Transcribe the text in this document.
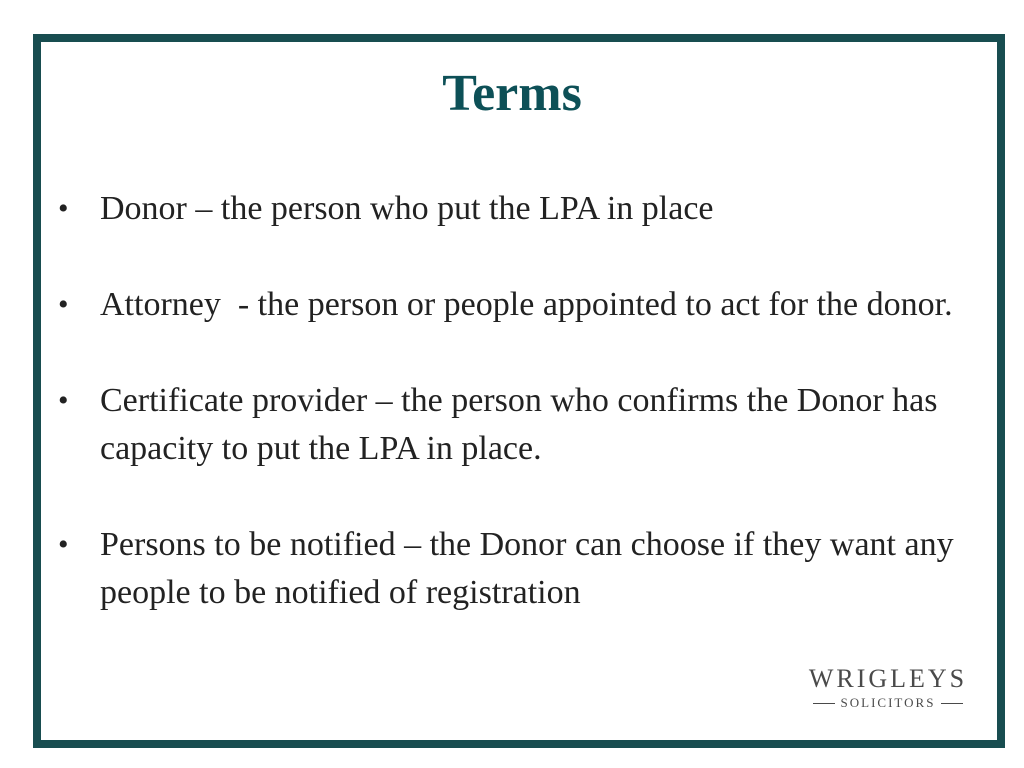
Terms
• Donor – the person who put the LPA in place
• Attorney  - the person or people appointed to act for the donor.
• Certificate provider – the person who confirms the Donor has capacity to put the LPA in place.
• Persons to be notified – the Donor can choose if they want any people to be notified of registration
WRIGLEYS
SOLICITORS
